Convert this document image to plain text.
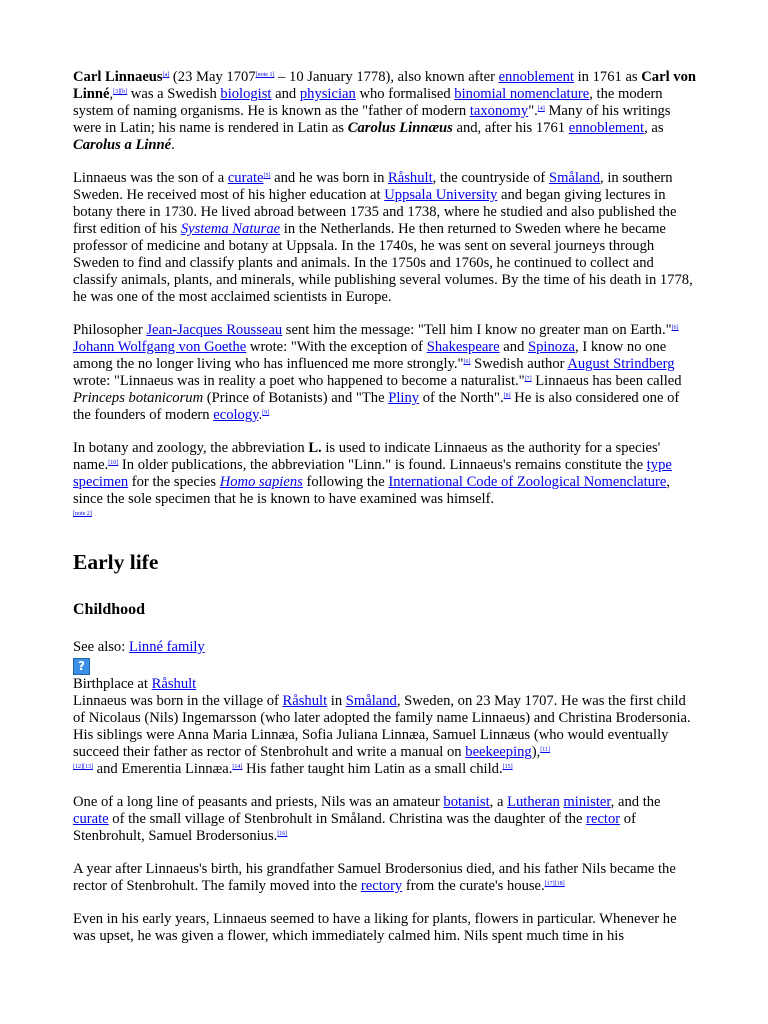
Carl Linnaeus[a] (23 May 1707[note 1] – 10 January 1778), also known after ennoblement in 1761 as Carl von Linné,[3][b] was a Swedish biologist and physician who formalised binomial nomenclature, the modern system of naming organisms. He is known as the "father of modern taxonomy".[4] Many of his writings were in Latin; his name is rendered in Latin as Carolus Linnæus and, after his 1761 ennoblement, as Carolus a Linné.

Linnaeus was the son of a curate[5] and he was born in Råshult, the countryside of Småland, in southern Sweden. He received most of his higher education at Uppsala University and began giving lectures in botany there in 1730. He lived abroad between 1735 and 1738, where he studied and also published the first edition of his Systema Naturae in the Netherlands. He then returned to Sweden where he became professor of medicine and botany at Uppsala. In the 1740s, he was sent on several journeys through Sweden to find and classify plants and animals. In the 1750s and 1760s, he continued to collect and classify animals, plants, and minerals, while publishing several volumes. By the time of his death in 1778, he was one of the most acclaimed scientists in Europe.

Philosopher Jean-Jacques Rousseau sent him the message: "Tell him I know no greater man on Earth."[6] Johann Wolfgang von Goethe wrote: "With the exception of Shakespeare and Spinoza, I know no one among the no longer living who has influenced me more strongly."[6] Swedish author August Strindberg wrote: "Linnaeus was in reality a poet who happened to become a naturalist."[7] Linnaeus has been called Princeps botanicorum (Prince of Botanists) and "The Pliny of the North".[8] He is also considered one of the founders of modern ecology.[9]

In botany and zoology, the abbreviation L. is used to indicate Linnaeus as the authority for a species' name.[10] In older publications, the abbreviation "Linn." is found. Linnaeus's remains constitute the type specimen for the species Homo sapiens following the International Code of Zoological Nomenclature, since the sole specimen that he is known to have examined was himself.
[note 2]

Early life
Childhood
See also: Linné family
?
Birthplace at Råshult

Linnaeus was born in the village of Råshult in Småland, Sweden, on 23 May 1707. He was the first child of Nicolaus (Nils) Ingemarsson (who later adopted the family name Linnaeus) and Christina Brodersonia. His siblings were Anna Maria Linnæa, Sofia Juliana Linnæa, Samuel Linnæus (who would eventually succeed their father as rector of Stenbrohult and write a manual on beekeeping),[11]
[12][13] and Emerentia Linnæa.[14] His father taught him Latin as a small child.[15]

One of a long line of peasants and priests, Nils was an amateur botanist, a Lutheran minister, and the curate of the small village of Stenbrohult in Småland. Christina was the daughter of the rector of Stenbrohult, Samuel Brodersonius.[16]

A year after Linnaeus's birth, his grandfather Samuel Brodersonius died, and his father Nils became the rector of Stenbrohult. The family moved into the rectory from the curate's house.[17][18]

Even in his early years, Linnaeus seemed to have a liking for plants, flowers in particular. Whenever he was upset, he was given a flower, which immediately calmed him. Nils spent much time in his
